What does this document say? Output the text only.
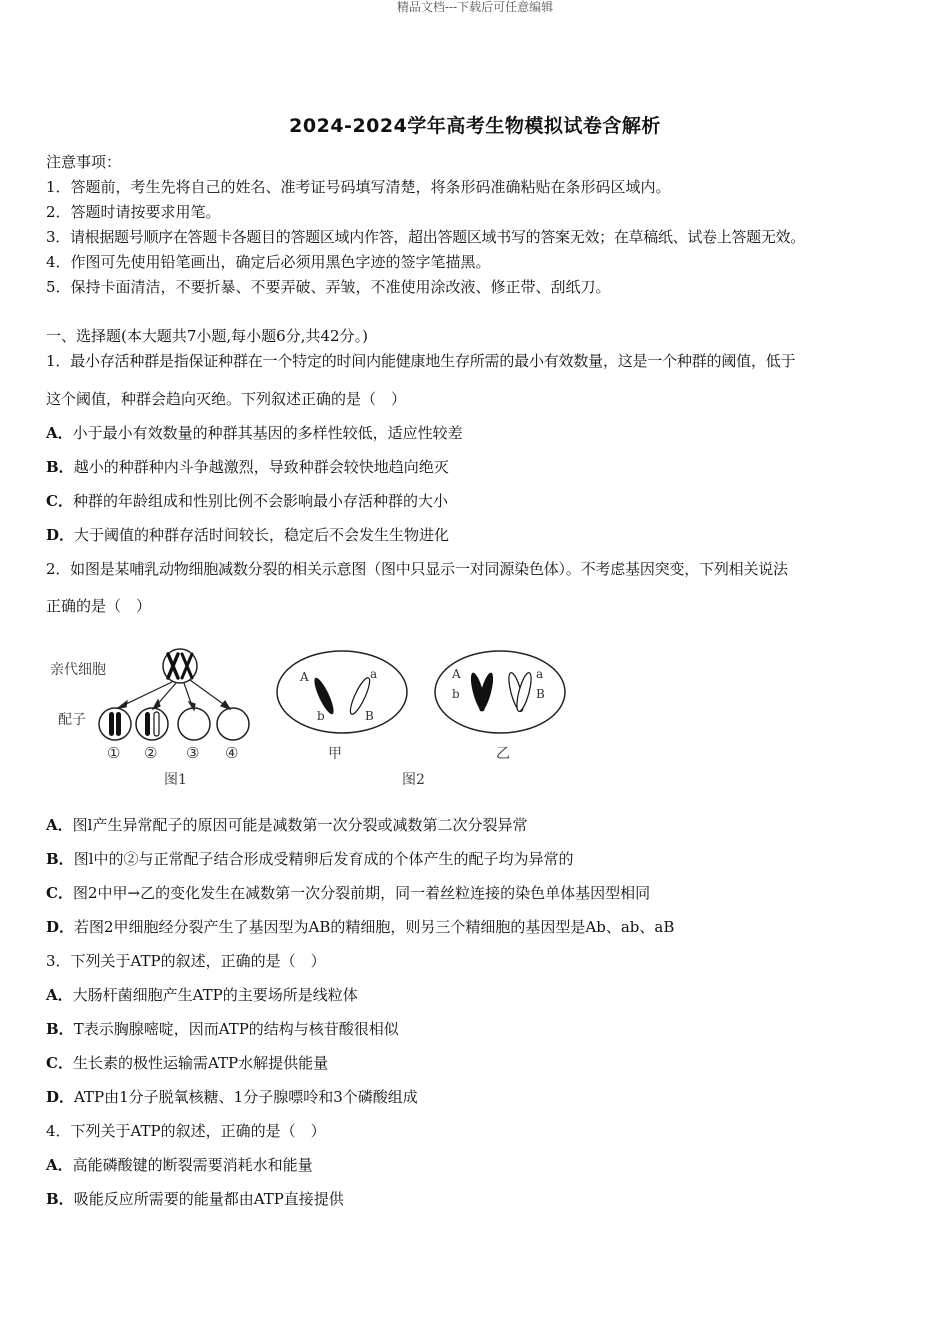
精品文档---下载后可任意编辑
2024-2024学年高考生物模拟试卷含解析
注意事项：
1．答题前，考生先将自己的姓名、准考证号码填写清楚，将条形码准确粘贴在条形码区域内。
2．答题时请按要求用笔。
3．请根据题号顺序在答题卡各题目的答题区域内作答，超出答题区域书写的答案无效；在草稿纸、试卷上答题无效。
4．作图可先使用铅笔画出，确定后必须用黑色字迹的签字笔描黑。
5．保持卡面清洁，不要折暴、不要弄破、弄皱，不准使用涂改液、修正带、刮纸刀。
一、选择题(本大题共7小题,每小题6分,共42分。)
1．最小存活种群是指保证种群在一个特定的时间内能健康地生存所需的最小有效数量，这是一个种群的阈值，低于
这个阈值，种群会趋向灭绝。下列叙述正确的是（　）
A．小于最小有效数量的种群其基因的多样性较低，适应性较差
B．越小的种群种内斗争越激烈，导致种群会较快地趋向绝灭
C．种群的年龄组成和性别比例不会影响最小存活种群的大小
D．大于阈值的种群存活时间较长，稳定后不会发生生物进化
2．如图是某哺乳动物细胞减数分裂的相关示意图（图中只显示一对同源染色体）。不考虑基因突变，下列相关说法
正确的是（　）
亲代细胞
配子
① ② ③ ④
图1
A
b
a
B
甲
A
b
a
B
乙
图2
A．图l产生异常配子的原因可能是减数第一次分裂或减数第二次分裂异常
B．图l中的②与正常配子结合形成受精卵后发育成的个体产生的配子均为异常的
C．图2中甲→乙的变化发生在减数第一次分裂前期，同一着丝粒连接的染色单体基因型相同
D．若图2甲细胞经分裂产生了基因型为AB的精细胞，则另三个精细胞的基因型是Ab、ab、aB
3．下列关于ATP的叙述，正确的是（　）
A．大肠杆菌细胞产生ATP的主要场所是线粒体
B．T表示胸腺嘧啶，因而ATP的结构与核苷酸很相似
C．生长素的极性运输需ATP水解提供能量
D．ATP由1分子脱氧核糖、1分子腺嘌呤和3个磷酸组成
4．下列关于ATP的叙述，正确的是（　）
A．高能磷酸键的断裂需要消耗水和能量
B．吸能反应所需要的能量都由ATP直接提供
